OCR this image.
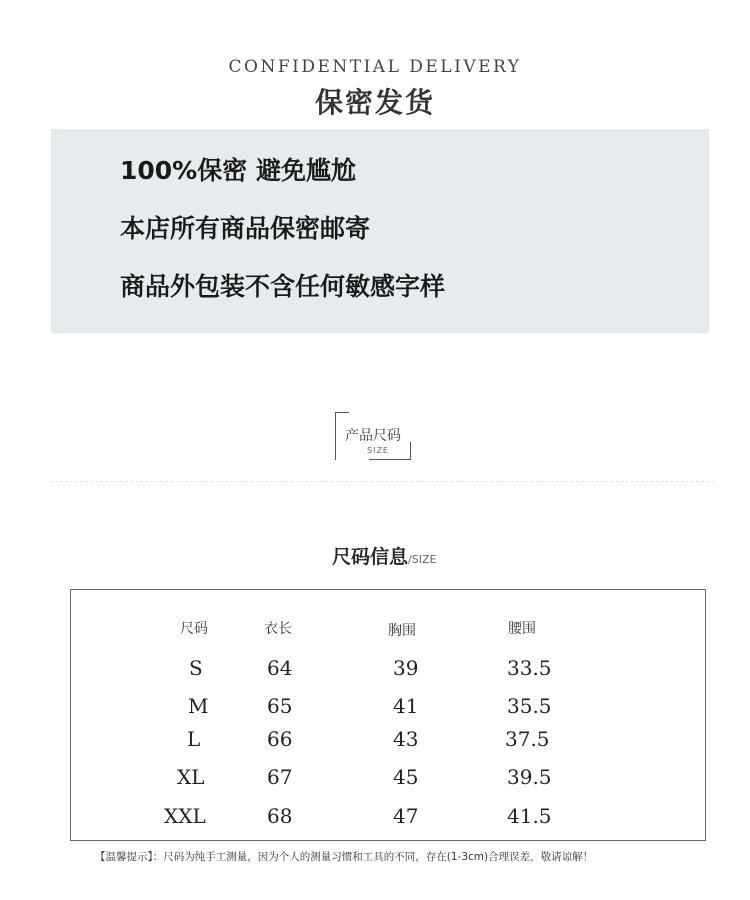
CONFIDENTIAL DELIVERY
保密发货
100%保密 避免尴尬
本店所有商品保密邮寄
商品外包装不含任何敏感字样
产品尺码
SIZE
尺码信息/SIZE
尺码	衣长	胸围	腰围
S	64	39	33.5
M	65	41	35.5
L	66	43	37.5
XL	67	45	39.5
XXL	68	47	41.5
【温馨提示】：尺码为纯手工测量，因为个人的测量习惯和工具的不同，存在(1-3cm)合理误差，敬请谅解！
